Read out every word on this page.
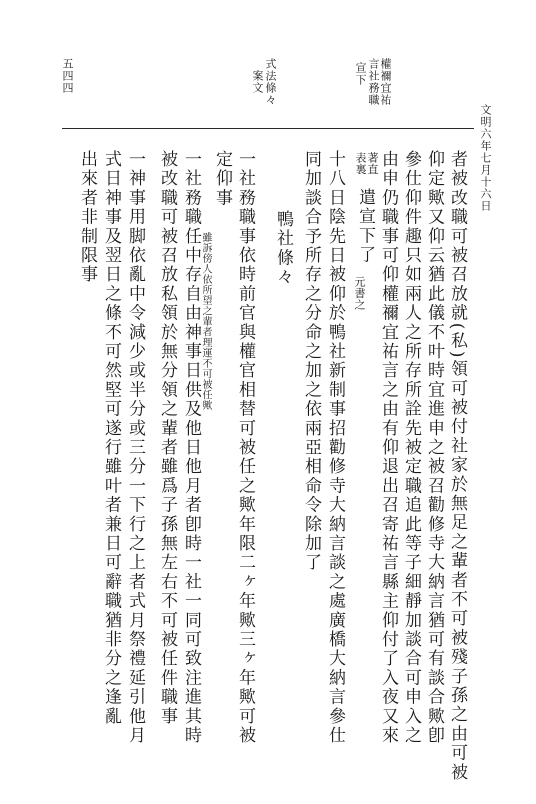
文明六年七月十六日
五四四	權禰宜祐
言社務職
宣下
式法條々
案文
者被改職可被召放就(私)領可被付社家於無足之輩者不可被殘子孫之由可被
仰定歟又仰云猶此儀不叶時宜進申之被召勸修寺大納言猶可有談合歟卽
參仕仰件趣只如兩人之所存所詮先被定職追此等子細靜加談合可申入之
由申仍職事可仰權禰宜祐言之由有仰退出召寄祐言縣主仰付了入夜又來
著直
表裏
遣宣下了
元書之
十八日陰先日被仰於鴨社新制事招勸修寺大納言談之處廣橋大納言參仕
同加談合予所存之分命之加之依兩亞相命令除加了
鴨社條々
一社務職事依時前官與權官相替可被任之歟年限二ヶ年歟三ヶ年歟可被
定仰事
雖訴傍人依所望之輩者理運不可被任歟
一社務職任中存自由神事日供及他日他月者卽時一社一同可致注進其時
被改職可被召放私領於無分領之輩者雖爲子孫無左右不可被任件職事
一神事用脚依亂中令減少或半分或三分一下行之上者式月祭禮延引他月
式日神事及翌日之條不可然堅可遂行雖叶者兼日可辭職猶非分之逢亂
出來者非制限事
